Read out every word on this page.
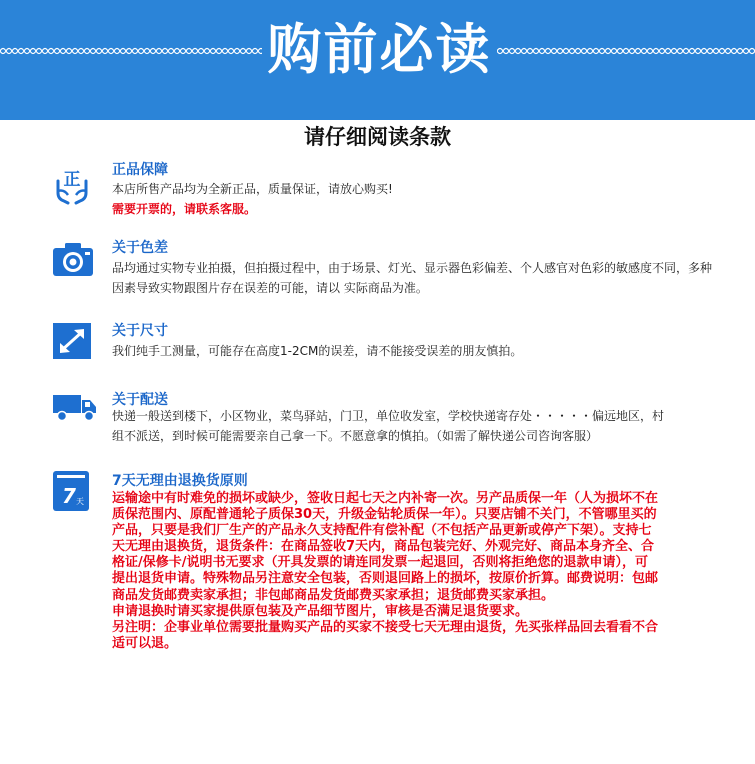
购前必读
请仔细阅读条款
正 正品保障
本店所售产品均为全新正品，质量保证，请放心购买!
需要开票的，请联系客服。
关于色差
品均通过实物专业拍摄，但拍摄过程中，由于场景、灯光、显示器色彩偏差、个人感官对色彩的敏感度不同，多种
因素导致实物跟图片存在误差的可能，请以 实际商品为准。
关于尺寸
我们纯手工测量，可能存在高度1-2CM的误差，请不能接受误差的朋友慎拍。
关于配送
快递一般送到楼下，小区物业，菜鸟驿站，门卫，单位收发室，学校快递寄存处・・・・・偏远地区，村
组不派送，到时候可能需要亲自己拿一下。不愿意拿的慎拍。（如需了解快递公司咨询客服）
7 天
7天无理由退换货原则
运输途中有时难免的损坏或缺少，签收日起七天之内补寄一次。另产品质保一年（人为损坏不在
质保范围内、原配普通轮子质保30天，升级金钻轮质保一年）。只要店铺不关门，不管哪里买的
产品，只要是我们厂生产的产品永久支持配件有偿补配（不包括产品更新或停产下架）。支持七
天无理由退换货，退货条件：在商品签收7天内，商品包装完好、外观完好、商品本身齐全、合
格证/保修卡/说明书无要求（开具发票的请连同发票一起退回，否则将拒绝您的退款申请），可
提出退货申请。特殊物品另注意安全包装，否则退回路上的损坏，按原价折算。邮费说明：包邮
商品发货邮费卖家承担；非包邮商品发货邮费买家承担；退货邮费买家承担。
申请退换时请买家提供原包装及产品细节图片，审核是否满足退货要求。
另注明：企事业单位需要批量购买产品的买家不接受七天无理由退货，先买张样品回去看看不合
适可以退。
